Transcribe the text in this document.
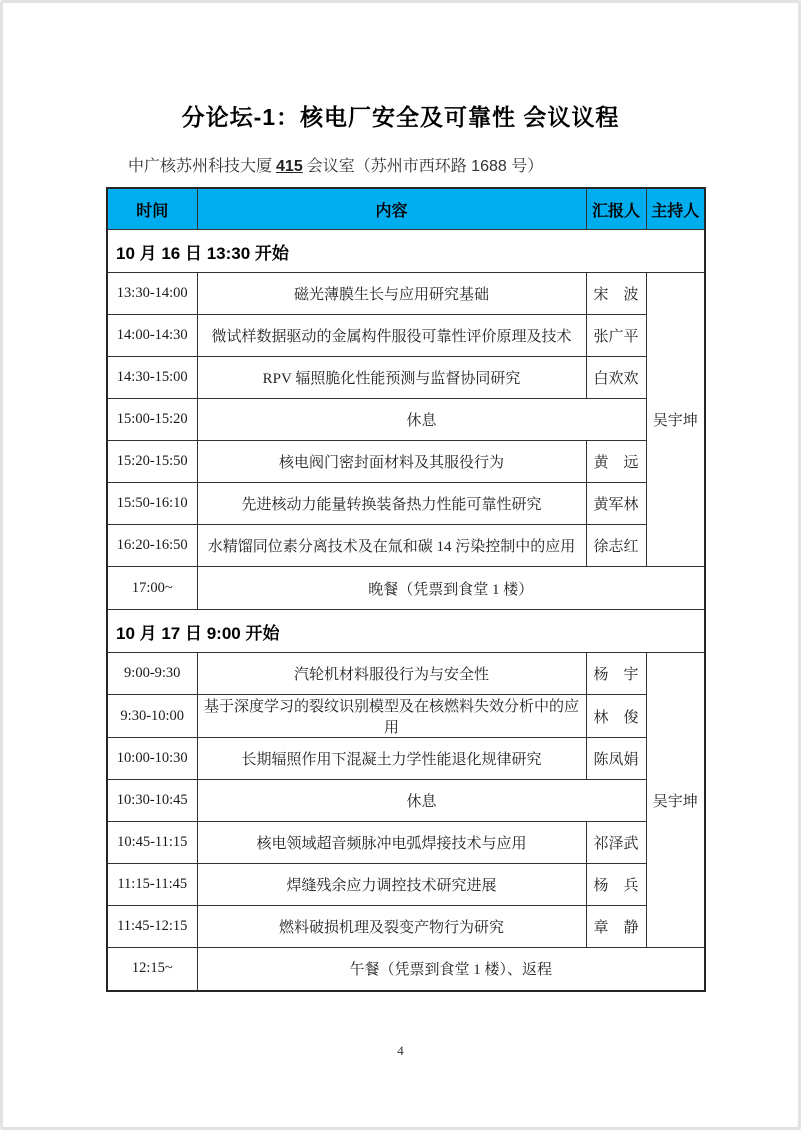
分论坛-1：核电厂安全及可靠性 会议议程

中广核苏州科技大厦 415 会议室（苏州市西环路 1688 号）

时间	内容	汇报人	主持人
10 月 16 日 13:30 开始			
13:30-14:00	磁光薄膜生长与应用研究基础	宋　波	吴宇坤
14:00-14:30	微试样数据驱动的金属构件服役可靠性评价原理及技术	张广平	
14:30-15:00	RPV 辐照脆化性能预测与监督协同研究	白欢欢	
15:00-15:20	休息		
15:20-15:50	核电阀门密封面材料及其服役行为	黄　远	
15:50-16:10	先进核动力能量转换装备热力性能可靠性研究	黄军林	
16:20-16:50	水精馏同位素分离技术及在氚和碳 14 污染控制中的应用	徐志红	
17:00~	晚餐（凭票到食堂 1 楼）		
10 月 17 日 9:00 开始			
9:00-9:30	汽轮机材料服役行为与安全性	杨　宇	吴宇坤
9:30-10:00	基于深度学习的裂纹识别模型及在核燃料失效分析中的应用	林　俊	
10:00-10:30	长期辐照作用下混凝土力学性能退化规律研究	陈凤娟	
10:30-10:45	休息		
10:45-11:15	核电领域超音频脉冲电弧焊接技术与应用	祁泽武	
11:15-11:45	焊缝残余应力调控技术研究进展	杨　兵	
11:45-12:15	燃料破损机理及裂变产物行为研究	章　静	
12:15~	午餐（凭票到食堂 1 楼）、返程		
4
